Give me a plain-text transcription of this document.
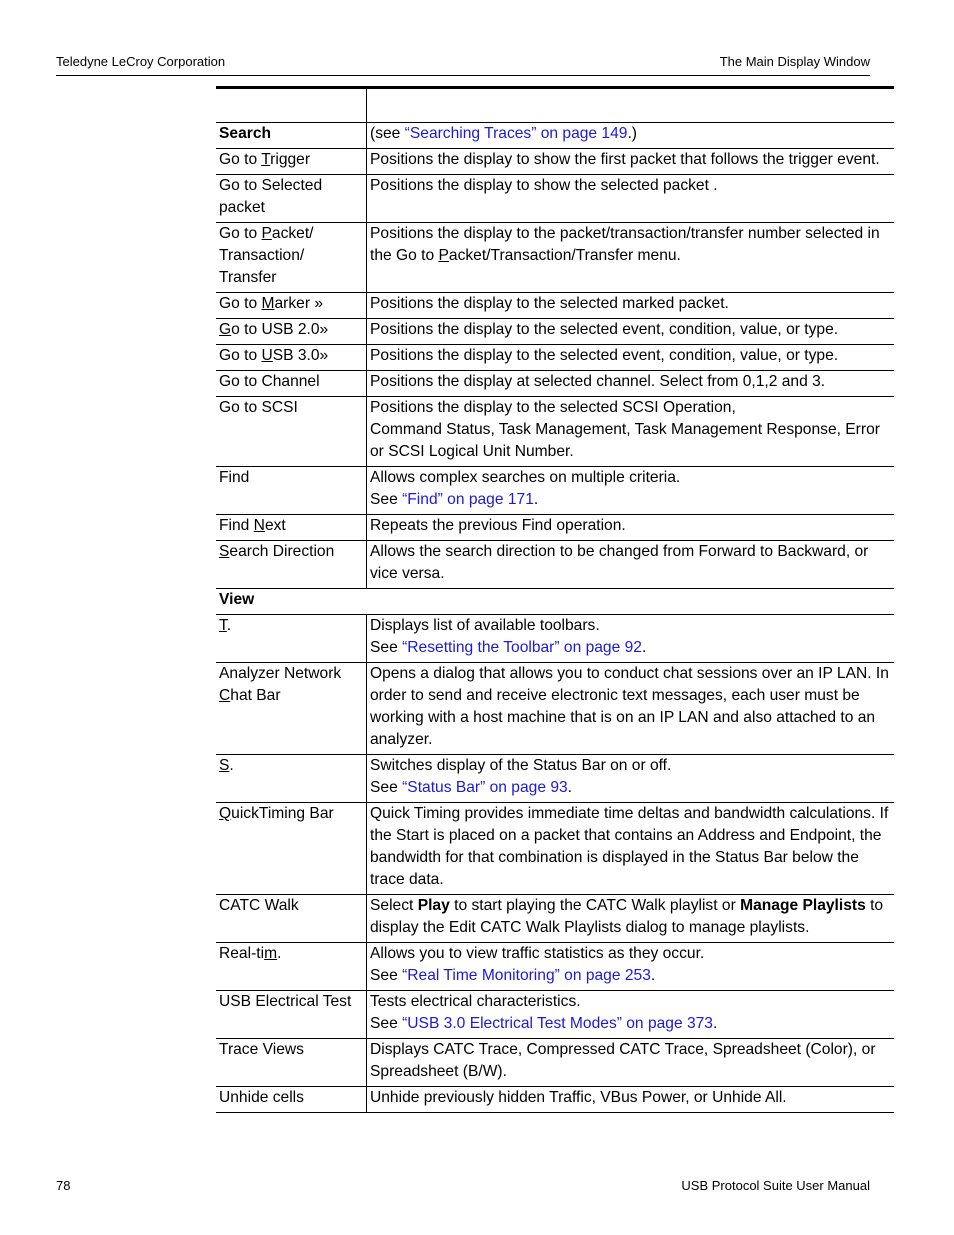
Teledyne LeCroy Corporation	The Main Display Window

Search	(see “Searching Traces” on page 149.)
Go to Trigger	Positions the display to show the first packet that follows the trigger event.
Go to Selected packet	Positions the display to show the selected packet .
Go to Packet/ Transaction/ Transfer	Positions the display to the packet/transaction/transfer number selected in the Go to Packet/Transaction/Transfer menu.
Go to Marker »	Positions the display to the selected marked packet.
Go to USB 2.0»	Positions the display to the selected event, condition, value, or type.
Go to USB 3.0»	Positions the display to the selected event, condition, value, or type.
Go to Channel	Positions the display at selected channel. Select from 0,1,2 and 3.
Go to SCSI	Positions the display to the selected SCSI Operation,
Command Status, Task Management, Task Management Response, Error or SCSI Logical Unit Number.
Find	Allows complex searches on multiple criteria.
See “Find” on page 171.
Find Next	Repeats the previous Find operation.
Search Direction	Allows the search direction to be changed from Forward to Backward, or vice versa.
View	
T.	Displays list of available toolbars.
See “Resetting the Toolbar” on page 92.
Analyzer Network
Chat Bar	Opens a dialog that allows you to conduct chat sessions over an IP LAN. In order to send and receive electronic text messages, each user must be working with a host machine that is on an IP LAN and also attached to an analyzer.
S.	Switches display of the Status Bar on or off.
See “Status Bar” on page 93.
QuickTiming Bar	Quick Timing provides immediate time deltas and bandwidth calculations. If the Start is placed on a packet that contains an Address and Endpoint, the bandwidth for that combination is displayed in the Status Bar below the trace data.
CATC Walk	Select Play to start playing the CATC Walk playlist or Manage Playlists to display the Edit CATC Walk Playlists dialog to manage playlists.
Real-tim.	Allows you to view traffic statistics as they occur.
See “Real Time Monitoring” on page 253.
USB Electrical Test	Tests electrical characteristics.
See “USB 3.0 Electrical Test Modes” on page 373.
Trace Views	Displays CATC Trace, Compressed CATC Trace, Spreadsheet (Color), or Spreadsheet (B/W).
Unhide cells	Unhide previously hidden Traffic, VBus Power, or Unhide All.
78	USB Protocol Suite User Manual
